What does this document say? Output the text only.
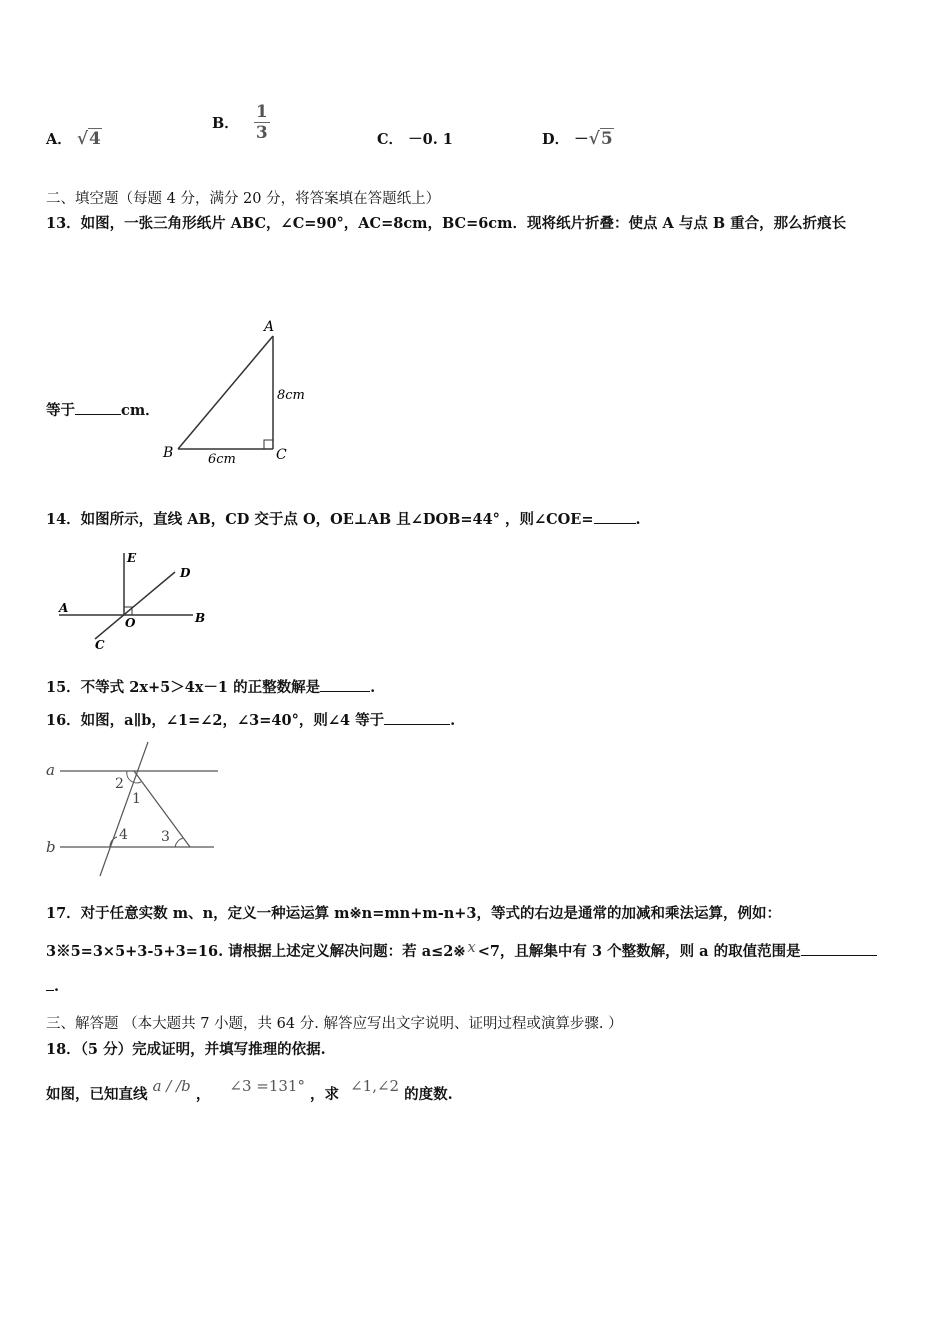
A． √4
B． $\frac{1}{3}$	C． －0. 1	D． －√5
二、填空题（每题 4 分，满分 20 分，将答案填在答题纸上）
13．如图，一张三角形纸片 ABC，∠C=90°，AC=8cm，BC=6cm．现将纸片折叠：使点 A 与点 B 重合，那么折痕长
A
B	C
8cm
6cm
等于	cm．
14．如图所示，直线 AB，CD 交于点 O，OE⊥AB 且∠DOB=44° ，则∠COE=	.
E
D
A
O	B
C
15．不等式 2x+5＞4x－1 的正整数解是	.
16．如图，a∥b，∠1=∠2，∠3=40°，则∠4 等于	.
a
b
2
1
4 3
17．对于任意实数 m、n，定义一种运运算 m※n=mn+m-n+3，等式的右边是通常的加减和乘法运算，例如：
3※5=3×5+3-5+3=16. 请根据上述定义解决问题：若 a≤2※ x <7，且解集中有 3 个整数解，则 a 的取值范围是
.
三、解答题 （本大题共 7 小题，共 64 分. 解答应写出文字说明、证明过程或演算步骤. ）
18．（5 分）完成证明，并填写推理的依据.
如图，已知直线 a / /b ， ∠3 =131° ，求 ∠1,∠2 的度数.
